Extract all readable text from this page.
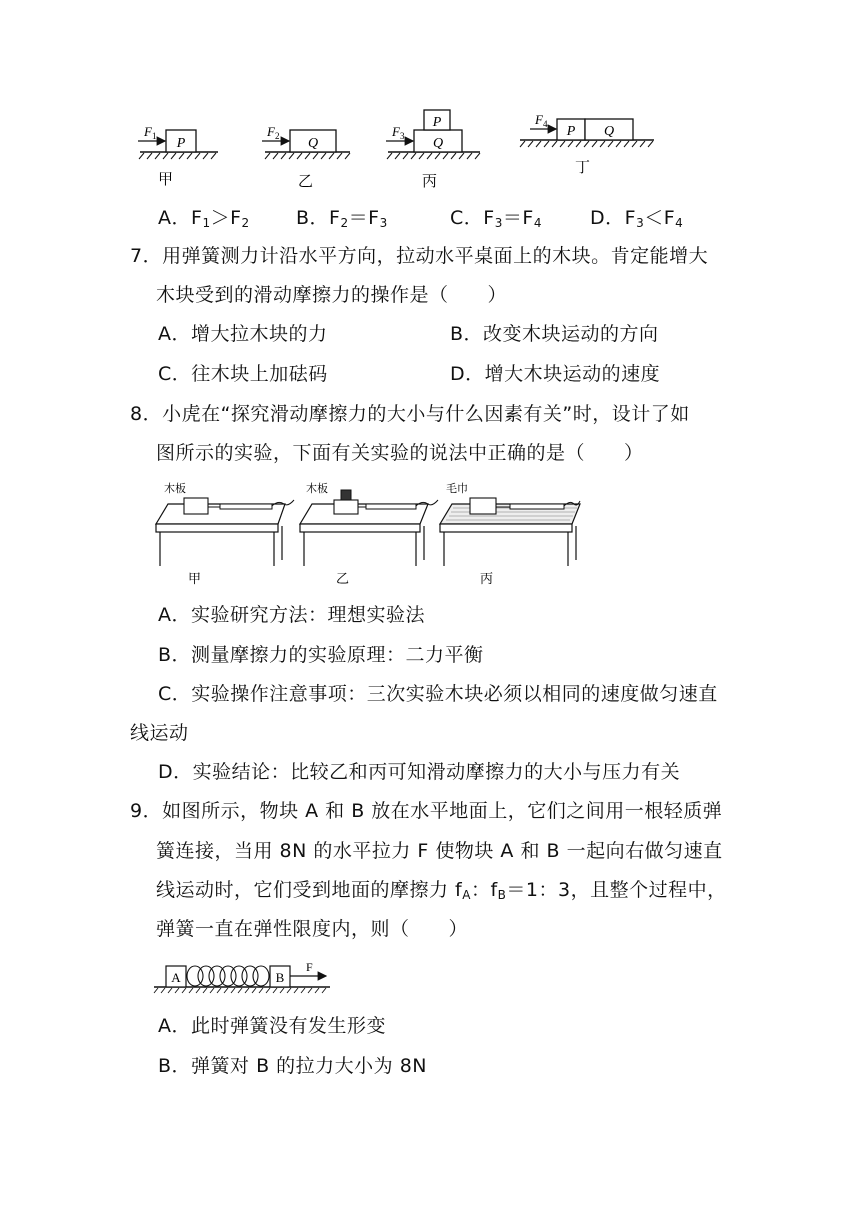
P
F 1
甲
Q
F 2
乙
Q
P
F 3
丙
P Q
F 4
丁
A．$F_1>F_2$ B．$F_2=F_3$	C．$F_3=F_4$	D．$F_3<F_4$
7．用弹簧测力计沿水平方向，拉动水平桌面上的木块。肯定能增大
木块受到的滑动摩擦力的操作是（　　）
A．增大拉木块的力	B．改变木块运动的方向
C．往木块上加砝码	D．增大木块运动的速度
8．小虎在“探究滑动摩擦力的大小与什么因素有关”时，设计了如
图所示的实验，下面有关实验的说法中正确的是（　　）
木板
甲
木板
乙
毛巾
丙
A．实验研究方法：理想实验法
B．测量摩擦力的实验原理：二力平衡
C．实验操作注意事项：三次实验木块必须以相同的速度做匀速直
线运动
D．实验结论：比较乙和丙可知滑动摩擦力的大小与压力有关
9．如图所示，物块 A 和 B 放在水平地面上，它们之间用一根轻质弹
簧连接，当用 8N 的水平拉力 F 使物块 A 和 B 一起向右做匀速直
线运动时，它们受到地面的摩擦力 $f_A$：$f_B=1$：3，且整个过程中，
弹簧一直在弹性限度内，则（　　）
A	B
F
A．此时弹簧没有发生形变
B．弹簧对 B 的拉力大小为 8N
